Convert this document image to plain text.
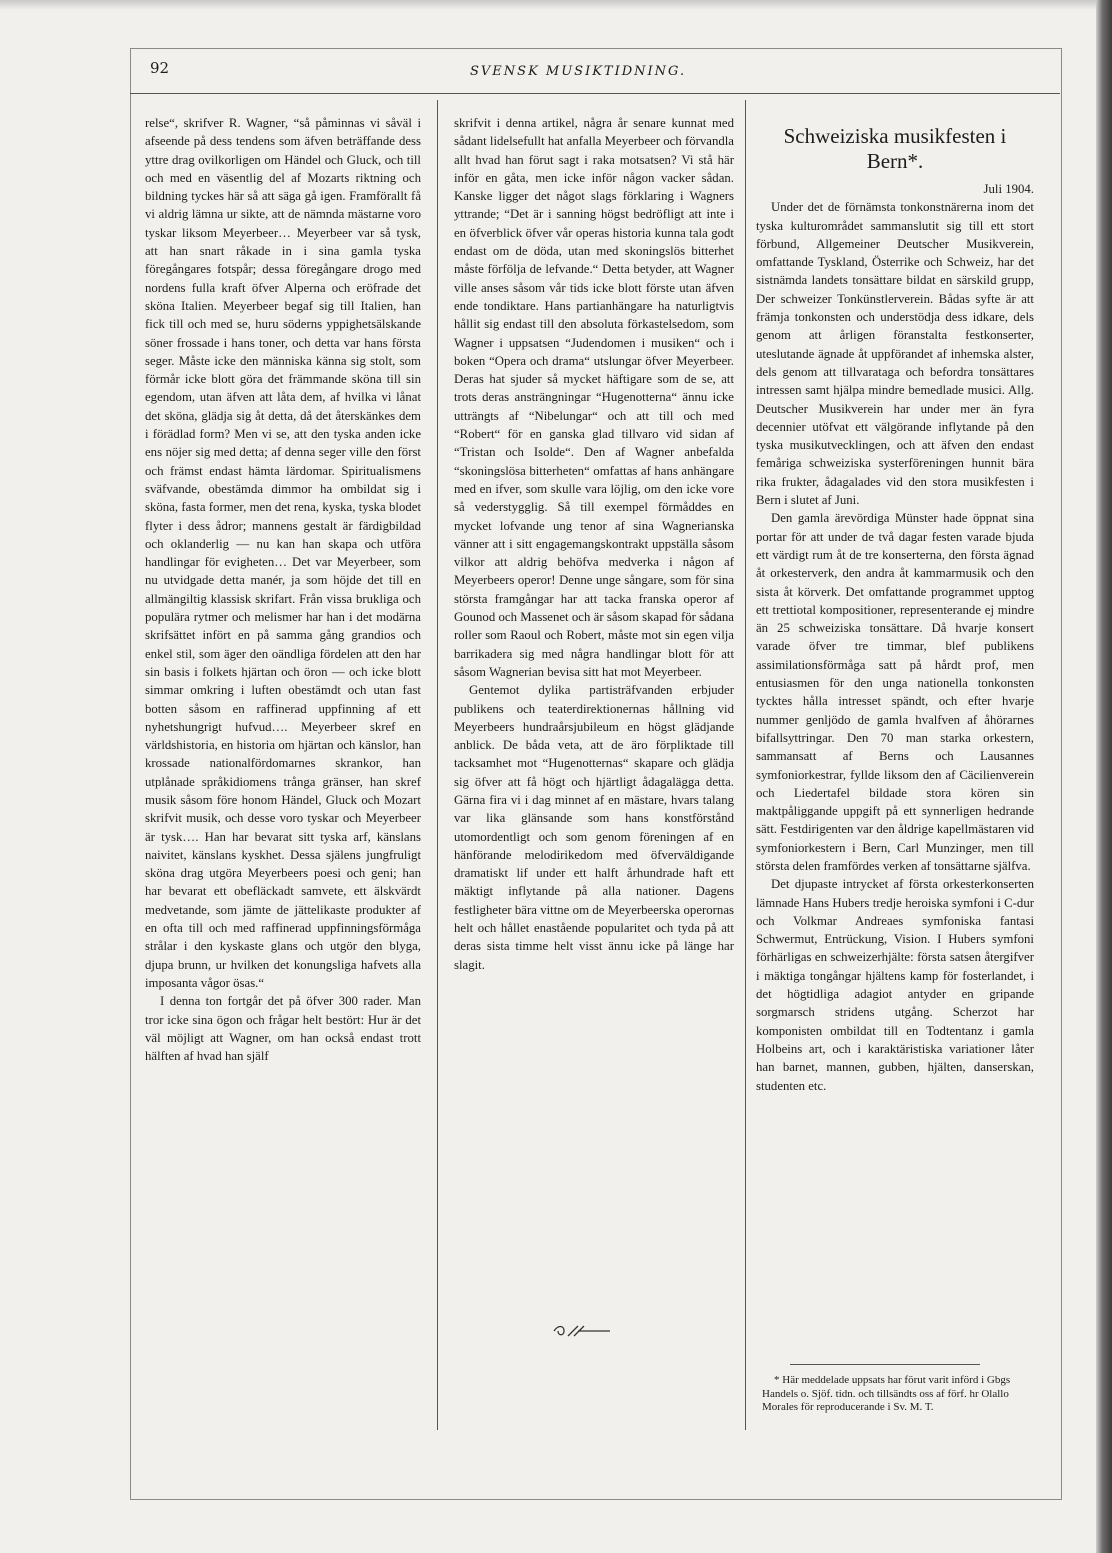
92	SVENSK MUSIKTIDNING.

relse“, skrifver R. Wagner, “så påminnas vi såväl i afseende på dess tendens som äfven beträffande dess yttre drag ovilkorligen om Händel och Gluck, och till och med en väsentlig del af Mozarts riktning och bildning tyckes här så att säga gå igen. Framförallt få vi aldrig lämna ur sikte, att de nämnda mästarne voro tyskar liksom Meyerbeer… Meyerbeer var så tysk, att han snart råkade in i sina gamla tyska föregångares fotspår; dessa föregångare drogo med nordens fulla kraft öfver Alperna och eröfrade det sköna Italien. Meyerbeer begaf sig till Italien, han fick till och med se, huru söderns yppighetsälskande söner frossade i hans toner, och detta var hans första seger. Måste icke den människa känna sig stolt, som förmår icke blott göra det främmande sköna till sin egendom, utan äfven att låta dem, af hvilka vi lånat det sköna, glädja sig åt detta, då det återskänkes dem i förädlad form? Men vi se, att den tyska anden icke ens nöjer sig med detta; af denna seger ville den först och främst endast hämta lärdomar. Spiritualismens sväfvande, obestämda dimmor ha ombildat sig i sköna, fasta former, men det rena, kyska, tyska blodet flyter i dess ådror; mannens gestalt är färdigbildad och oklanderlig — nu kan han skapa och utföra handlingar för evigheten… Det var Meyerbeer, som nu utvidgade detta manér, ja som höjde det till en allmängiltig klassisk skrifart. Från vissa brukliga och populära rytmer och melismer har han i det modärna skrifsättet infört en på samma gång grandios och enkel stil, som äger den oändliga fördelen att den har sin basis i folkets hjärtan och öron — och icke blott simmar omkring i luften obestämdt och utan fast botten såsom en raffinerad uppfinning af ett nyhetshungrigt hufvud…. Meyerbeer skref en världshistoria, en historia om hjärtan och känslor, han krossade nationalfördomarnes skrankor, han utplånade språkidiomens trånga gränser, han skref musik såsom före honom Händel, Gluck och Mozart skrifvit musik, och desse voro tyskar och Meyerbeer är tysk…. Han har bevarat sitt tyska arf, känslans naivitet, känslans kyskhet. Dessa själens jungfruligt sköna drag utgöra Meyerbeers poesi och geni; han har bevarat ett obefläckadt samvete, ett älskvärdt medvetande, som jämte de jättelikaste produkter af en ofta till och med raffinerad uppfinningsförmåga strålar i den kyskaste glans och utgör den blyga, djupa brunn, ur hvilken det konungsliga hafvets alla imposanta vågor ösas.“

I denna ton fortgår det på öfver 300 rader. Man tror icke sina ögon och frågar helt bestört: Hur är det väl möjligt att Wagner, om han också endast trott hälften af hvad han själf

skrifvit i denna artikel, några år senare kunnat med sådant lidelsefullt hat anfalla Meyerbeer och förvandla allt hvad han förut sagt i raka motsatsen? Vi stå här inför en gåta, men icke inför någon vacker sådan. Kanske ligger det något slags förklaring i Wagners yttrande; “Det är i sanning högst bedröfligt att inte i en öfverblick öfver vår operas historia kunna tala godt endast om de döda, utan med skoningslös bitterhet måste förfölja de lefvande.“ Detta betyder, att Wagner ville anses såsom vår tids icke blott förste utan äfven ende tondiktare. Hans partianhängare ha naturligtvis hållit sig endast till den absoluta förkastelsedom, som Wagner i uppsatsen “Judendomen i musiken“ och i boken “Opera och drama“ utslungar öfver Meyerbeer. Deras hat sjuder så mycket häftigare som de se, att trots deras ansträngningar “Hugenotterna“ ännu icke utträngts af “Nibelungar“ och att till och med “Robert“ för en ganska glad tillvaro vid sidan af “Tristan och Isolde“. Den af Wagner anbefalda “skoningslösa bitterheten“ omfattas af hans anhängare med en ifver, som skulle vara löjlig, om den icke vore så vederstygglig. Så till exempel förmåddes en mycket lofvande ung tenor af sina Wagnerianska vänner att i sitt engagemangskontrakt uppställa såsom vilkor att aldrig behöfva medverka i någon af Meyerbeers operor! Denne unge sångare, som för sina största framgångar har att tacka franska operor af Gounod och Massenet och är såsom skapad för sådana roller som Raoul och Robert, måste mot sin egen vilja barrikadera sig med några handlingar blott för att såsom Wagnerian bevisa sitt hat mot Meyerbeer.

Gentemot dylika partisträfvanden erbjuder publikens och teaterdirektionernas hållning vid Meyerbeers hundraårsjubileum en högst glädjande anblick. De båda veta, att de äro förpliktade till tacksamhet mot “Hugenotternas“ skapare och glädja sig öfver att få högt och hjärtligt ådagalägga detta. Gärna fira vi i dag minnet af en mästare, hvars talang var lika glänsande som hans konstförstånd utomordentligt och som genom föreningen af en hänförande melodirikedom med öfverväldigande dramatiskt lif under ett halft århundrade haft ett mäktigt inflytande på alla nationer. Dagens festligheter bära vittne om de Meyerbeerska operornas helt och hållet enastående popularitet och tyda på att deras sista timme helt visst ännu icke på länge har slagit.

Schweiziska musikfesten i Bern*.

Juli 1904.

Under det de förnämsta tonkonstnärerna inom det tyska kulturområdet sammanslutit sig till ett stort förbund, Allgemeiner Deutscher Musikverein, omfattande Tyskland, Österrike och Schweiz, har det sistnämda landets tonsättare bildat en särskild grupp, Der schweizer Tonkünstlerverein. Bådas syfte är att främja tonkonsten och understödja dess idkare, dels genom att årligen föranstalta festkonserter, uteslutande ägnade åt uppförandet af inhemska alster, dels genom att tillvarataga och befordra tonsättares intressen samt hjälpa mindre bemedlade musici. Allg. Deutscher Musikverein har under mer än fyra decennier utöfvat ett välgörande inflytande på den tyska musikutvecklingen, och att äfven den endast femåriga schweiziska systerföreningen hunnit bära rika frukter, ådagalades vid den stora musikfesten i Bern i slutet af Juni.

Den gamla ärevördiga Münster hade öppnat sina portar för att under de två dagar festen varade bjuda ett värdigt rum åt de tre konserterna, den första ägnad åt orkesterverk, den andra åt kammarmusik och den sista åt körverk. Det omfattande programmet upptog ett trettiotal kompositioner, representerande ej mindre än 25 schweiziska tonsättare. Då hvarje konsert varade öfver tre timmar, blef publikens assimilationsförmåga satt på hårdt prof, men entusiasmen för den unga nationella tonkonsten tycktes hålla intresset spändt, och efter hvarje nummer genljödo de gamla hvalfven af åhörarnes bifallsyttringar. Den 70 man starka orkestern, sammansatt af Berns och Lausannes symfoniorkestrar, fyllde liksom den af Cäcilienverein och Liedertafel bildade stora kören sin maktpåliggande uppgift på ett synnerligen hedrande sätt. Festdirigenten var den åldrige kapellmästaren vid symfoniorkestern i Bern, Carl Munzinger, men till största delen framfördes verken af tonsättarne själfva.

Det djupaste intrycket af första orkesterkonserten lämnade Hans Hubers tredje heroiska symfoni i C-dur och Volkmar Andreaes symfoniska fantasi Schwermut, Entrückung, Vision. I Hubers symfoni förhärligas en schweizerhjälte: första satsen återgifver i mäktiga tongångar hjältens kamp för fosterlandet, i det högtidliga adagiot antyder en gripande sorgmarsch stridens utgång. Scherzot har komponisten ombildat till en Todtentanz i gamla Holbeins art, och i karaktäristiska variationer låter han barnet, mannen, gubben, hjälten, danserskan, studenten etc.

* Här meddelade uppsats har förut varit införd i Gbgs Handels o. Sjöf. tidn. och tillsändts oss af förf. hr Olallo Morales för reproducerande i Sv. M. T.
